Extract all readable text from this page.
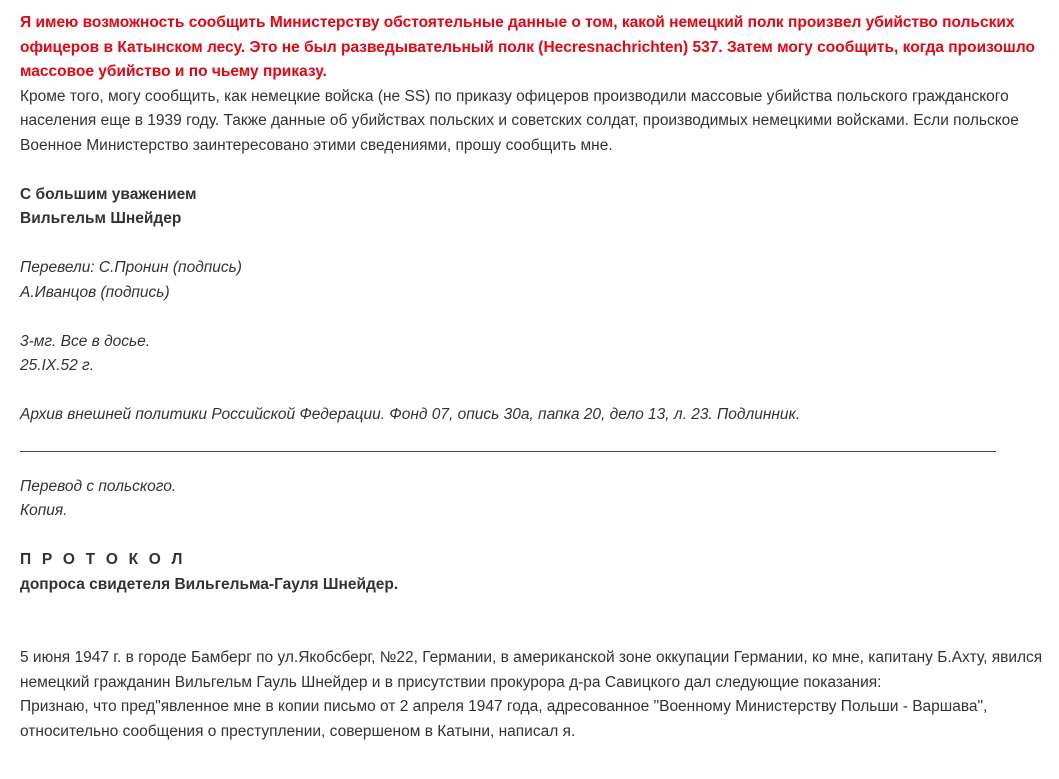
Я имею возможность сообщить Министерству обстоятельные данные о том, какой немецкий полк произвел убийство польских офицеров в Катынском лесу. Это не был разведывательный полк (Hecresnachrichten) 537. Затем могу сообщить, когда произошло массовое убийство и по чьему приказу.

Кроме того, могу сообщить, как немецкие войска (не SS) по приказу офицеров производили массовые убийства польского гражданского населения еще в 1939 году. Также данные об убийствах польских и советских солдат, производимых немецкими войсками. Если польское Военное Министерство заинтересовано этими сведениями, прошу сообщить мне.

С большим уважением

Вильгельм Шнейдер

Перевели: С.Пронин (подпись)

А.Иванцов (подпись)

3-мг. Все в досье.

25.IX.52 г.

Архив внешней политики Российской Федерации. Фонд 07, опись 30а, папка 20, дело 13, л. 23. Подлинник.

Перевод с польского.

Копия.

П Р О Т О К О Л

допроса свидетеля Вильгельма-Гауля Шнейдер.

5 июня 1947 г. в городе Бамберг по ул.Якобсберг, №22, Германии, в американской зоне оккупации Германии, ко мне, капитану Б.Ахту, явился немецкий гражданин Вильгельм Гауль Шнейдер и в присутствии прокурора д-ра Савицкого дал следующие показания:

Признаю, что пред"явленное мне в копии письмо от 2 апреля 1947 года, адресованное "Военному Министерству Польши - Варшава", относительно сообщения о преступлении, совершеном в Катыни, написал я.
